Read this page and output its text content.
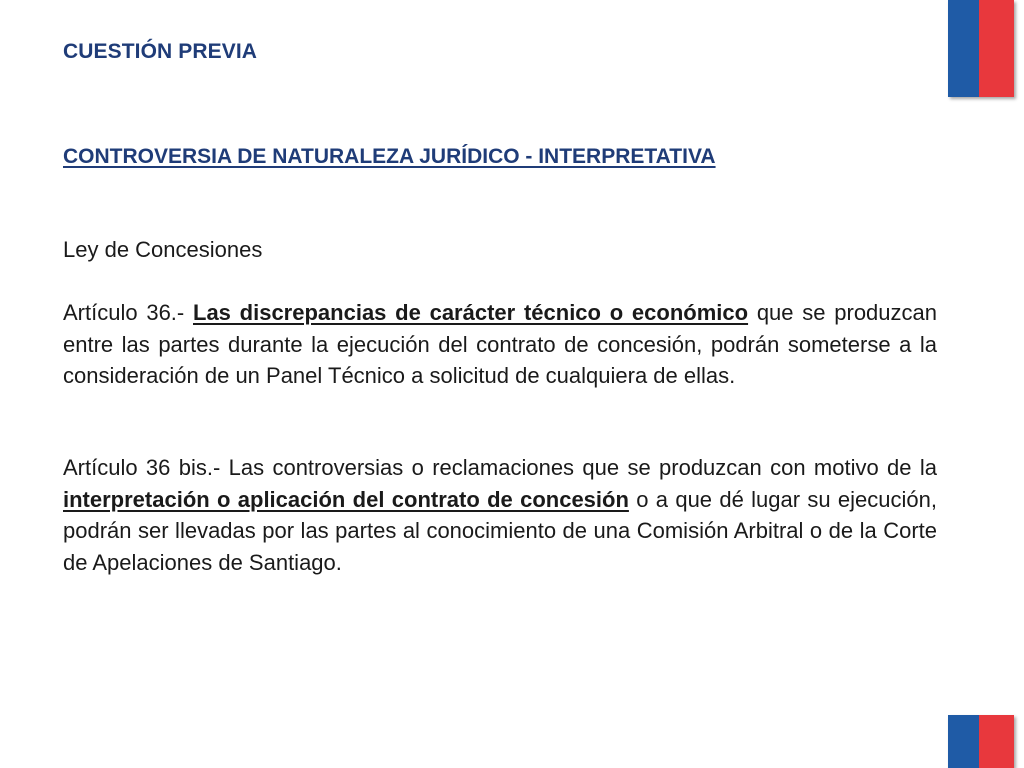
CUESTIÓN PREVIA
CONTROVERSIA DE NATURALEZA JURÍDICO - INTERPRETATIVA
Ley de Concesiones

Artículo 36.- Las discrepancias de carácter técnico o económico que se produzcan entre las partes durante la ejecución del contrato de concesión, podrán someterse a la consideración de un Panel Técnico a solicitud de cualquiera de ellas.

Artículo 36 bis.- Las controversias o reclamaciones que se produzcan con motivo de la interpretación o aplicación del contrato de concesión o a que dé lugar su ejecución, podrán ser llevadas por las partes al conocimiento de una Comisión Arbitral o de la Corte de Apelaciones de Santiago.
